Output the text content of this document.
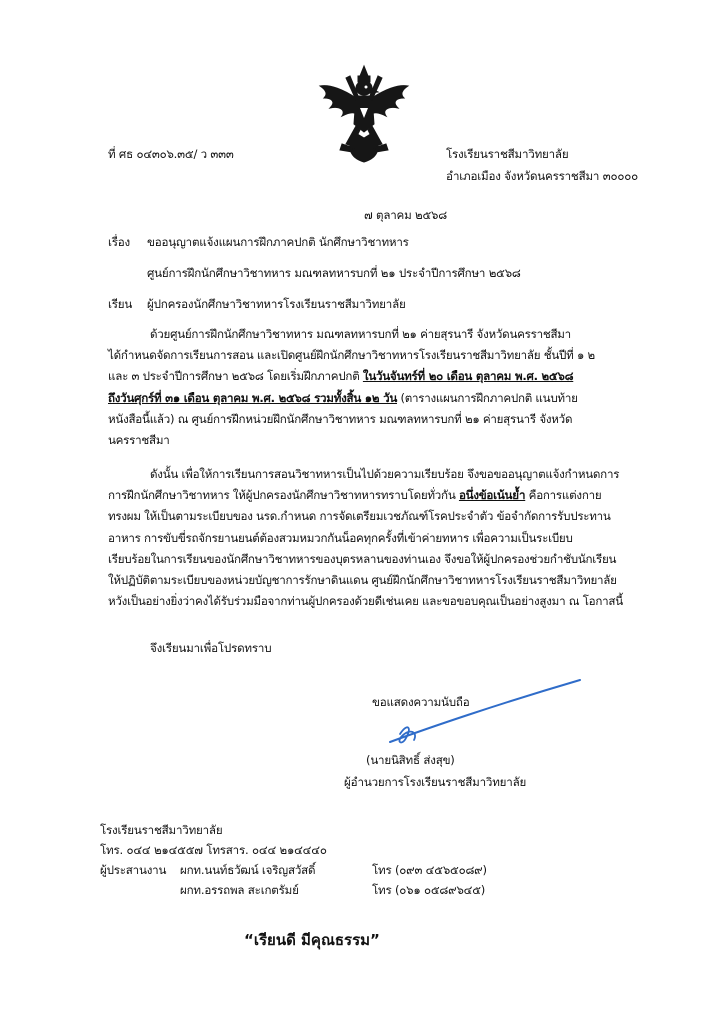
ที่ ศธ ๐๔๓๐๖.๓๕/ ว ๓๓๓	โรงเรียนราชสีมาวิทยาลัย
อำเภอเมือง จังหวัดนครราชสีมา ๓๐๐๐๐
๗ ตุลาคม ๒๕๖๘
เรื่อง ขออนุญาตแจ้งแผนการฝึกภาคปกติ นักศึกษาวิชาทหาร
ศูนย์การฝึกนักศึกษาวิชาทหาร มณฑลทหารบกที่ ๒๑ ประจำปีการศึกษา ๒๕๖๘
เรียน ผู้ปกครองนักศึกษาวิชาทหารโรงเรียนราชสีมาวิทยาลัย
ด้วยศูนย์การฝึกนักศึกษาวิชาทหาร มณฑลทหารบกที่ ๒๑ ค่ายสุรนารี จังหวัดนครราชสีมา
ได้กำหนดจัดการเรียนการสอน และเปิดศูนย์ฝึกนักศึกษาวิชาทหารโรงเรียนราชสีมาวิทยาลัย ชั้นปีที่ ๑ ๒
และ ๓ ประจำปีการศึกษา ๒๕๖๘ โดยเริ่มฝึกภาคปกติ ในวันจันทร์ที่ ๒๐ เดือน ตุลาคม พ.ศ. ๒๕๖๘
ถึงวันศุกร์ที่ ๓๑ เดือน ตุลาคม พ.ศ. ๒๕๖๘ รวมทั้งสิ้น ๑๒ วัน (ตารางแผนการฝึกภาคปกติ แนบท้าย
หนังสือนี้แล้ว) ณ ศูนย์การฝึกหน่วยฝึกนักศึกษาวิชาทหาร มณฑลทหารบกที่ ๒๑ ค่ายสุรนารี จังหวัด
นครราชสีมา
ดังนั้น เพื่อให้การเรียนการสอนวิชาทหารเป็นไปด้วยความเรียบร้อย จึงขอขออนุญาตแจ้งกำหนดการ
การฝึกนักศึกษาวิชาทหาร ให้ผู้ปกครองนักศึกษาวิชาทหารทราบโดยทั่วกัน อนึ่งข้อเน้นย้ำ คือการแต่งกาย
ทรงผม ให้เป็นตามระเบียบของ นรด.กำหนด การจัดเตรียมเวชภัณฑ์โรคประจำตัว ข้อจำกัดการรับประทาน
อาหาร การขับขี่รถจักรยานยนต์ต้องสวมหมวกกันน็อคทุกครั้งที่เข้าค่ายทหาร เพื่อความเป็นระเบียบ
เรียบร้อยในการเรียนของนักศึกษาวิชาทหารของบุตรหลานของท่านเอง จึงขอให้ผู้ปกครองช่วยกำชับนักเรียน
ให้ปฏิบัติตามระเบียบของหน่วยบัญชาการรักษาดินแดน ศูนย์ฝึกนักศึกษาวิชาทหารโรงเรียนราชสีมาวิทยาลัย
หวังเป็นอย่างยิ่งว่าคงได้รับร่วมมือจากท่านผู้ปกครองด้วยดีเช่นเคย และขอขอบคุณเป็นอย่างสูงมา ณ โอกาสนี้
จึงเรียนมาเพื่อโปรดทราบ
ขอแสดงความนับถือ
(นายนิสิทธิ์ ส่งสุข)
ผู้อำนวยการโรงเรียนราชสีมาวิทยาลัย
โรงเรียนราชสีมาวิทยาลัย
โทร. ๐๔๔ ๒๑๔๕๕๗ โทรสาร. ๐๔๔ ๒๑๔๔๔๐
ผู้ประสานงาน ผกท.นนท์ธวัฒน์ เจริญสวัสดิ์	โทร (๐๙๓ ๔๕๖๕๐๘๙)
ผกท.อรรถพล สะเกตรัมย์	โทร (๐๖๑ ๐๕๘๙๖๔๕)
“เรียนดี มีคุณธรรม”
